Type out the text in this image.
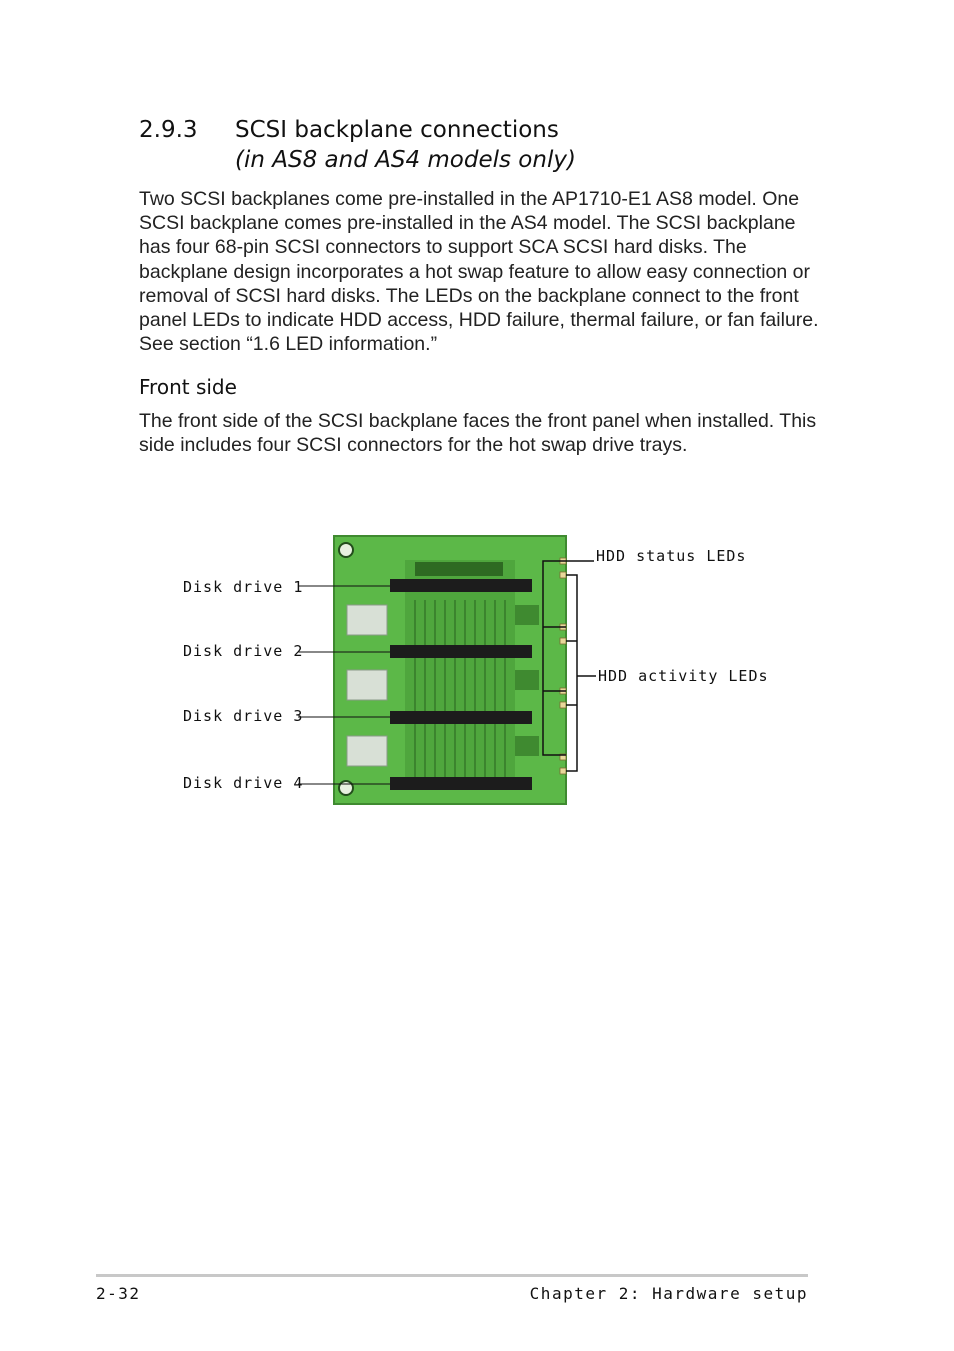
2.9.3 SCSI backplane connections
(in AS8 and AS4 models only)

Two SCSI backplanes come pre-installed in the AP1710-E1 AS8 model. One SCSI backplane comes pre-installed in the AS4 model. The SCSI backplane has four 68-pin SCSI connectors to support SCA SCSI hard disks. The backplane design incorporates a hot swap feature to allow easy connection or removal of SCSI hard disks. The LEDs on the backplane connect to the front panel LEDs to indicate HDD access, HDD failure, thermal failure, or fan failure. See section “1.6 LED information.”

Front side

The front side of the SCSI backplane faces the front panel when installed. This side includes four SCSI connectors for the hot swap drive trays.

Disk drive 1
Disk drive 2
Disk drive 3
Disk drive 4
HDD status LEDs
HDD activity LEDs
2-32	Chapter 2: Hardware setup
